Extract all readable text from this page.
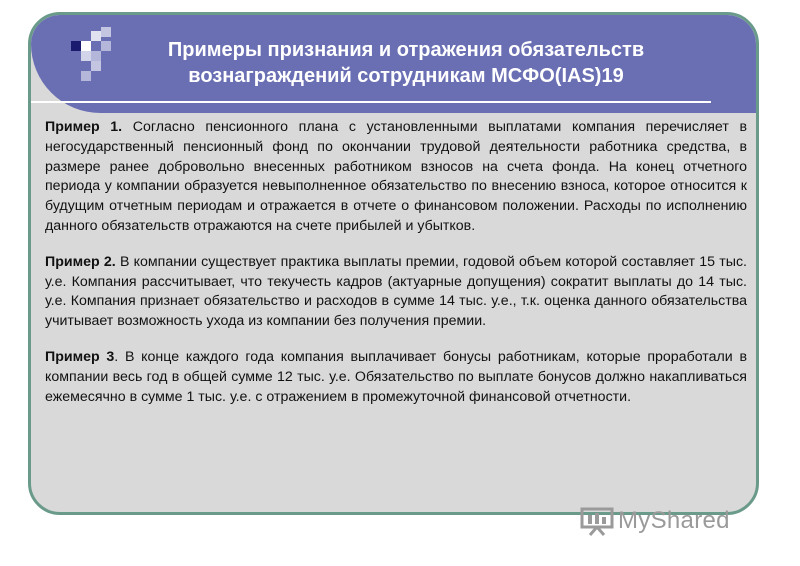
Примеры признания и отражения обязательств
вознаграждений сотрудникам МСФО(IAS)19

Пример 1. Согласно пенсионного плана с установленными выплатами компания перечисляет в негосударственный пенсионный фонд по окончании трудовой деятельности работника средства, в размере ранее добровольно внесенных работником взносов на счета фонда. На конец отчетного периода у компании образуется невыполненное обязательство по внесению взноса, которое относится к будущим отчетным периодам и отражается в отчете о финансовом положении. Расходы по исполнению данного обязательств отражаются на счете прибылей и убытков.

Пример 2. В компании существует практика выплаты премии, годовой объем которой составляет 15 тыс. у.е. Компания рассчитывает, что текучесть кадров (актуарные допущения) сократит выплаты до 14 тыс. у.е. Компания признает обязательство и расходов в сумме 14 тыс. у.е., т.к. оценка данного обязательства учитывает возможность ухода из компании без получения премии.

Пример 3. В конце каждого года компания выплачивает бонусы работникам, которые проработали в компании весь год в общей сумме 12 тыс. у.е. Обязательство по выплате бонусов должно накапливаться ежемесячно в сумме 1 тыс. у.е. с отражением в промежуточной финансовой отчетности.

MyShared
